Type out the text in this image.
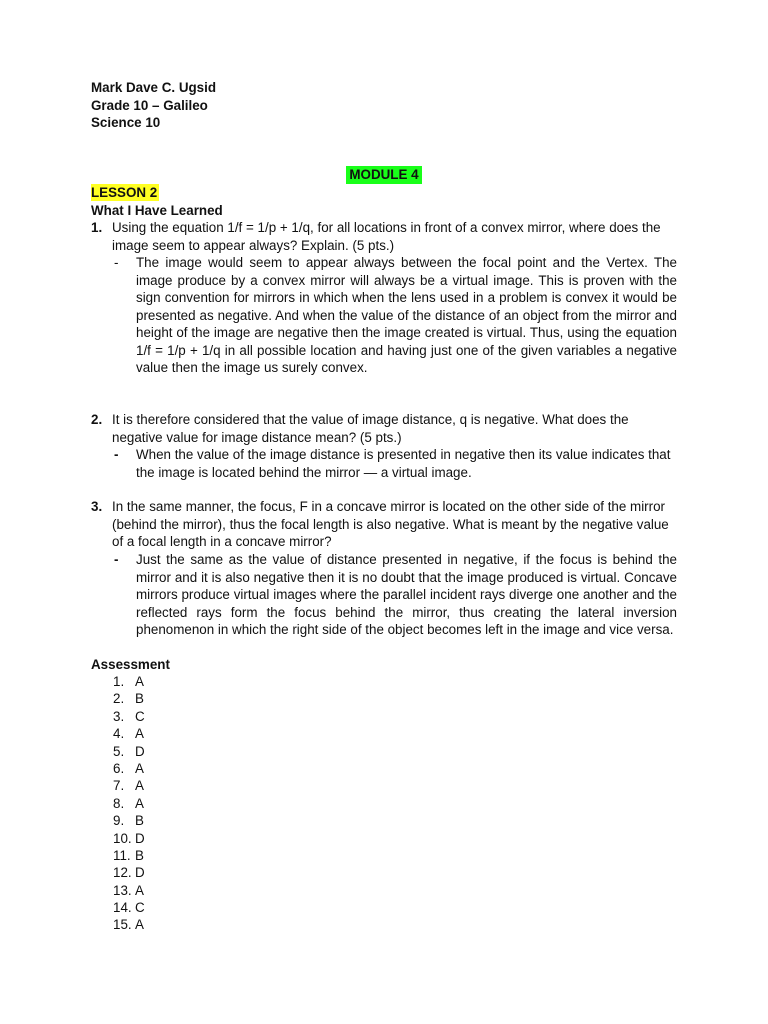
Mark Dave C. Ugsid
Grade 10 – Galileo
Science 10
MODULE 4
LESSON 2
What I Have Learned
1. Using the equation 1/f = 1/p + 1/q, for all locations in front of a convex mirror, where does the image seem to appear always? Explain. (5 pts.)
- The image would seem to appear always between the focal point and the Vertex. The image produce by a convex mirror will always be a virtual image. This is proven with the sign convention for mirrors in which when the lens used in a problem is convex it would be presented as negative. And when the value of the distance of an object from the mirror and height of the image are negative then the image created is virtual. Thus, using the equation 1/f = 1/p + 1/q in all possible location and having just one of the given variables a negative value then the image us surely convex.
2. It is therefore considered that the value of image distance, q is negative. What does the negative value for image distance mean? (5 pts.)
- When the value of the image distance is presented in negative then its value indicates that the image is located behind the mirror — a virtual image.
3. In the same manner, the focus, F in a concave mirror is located on the other side of the mirror (behind the mirror), thus the focal length is also negative. What is meant by the negative value of a focal length in a concave mirror?
- Just the same as the value of distance presented in negative, if the focus is behind the mirror and it is also negative then it is no doubt that the image produced is virtual. Concave mirrors produce virtual images where the parallel incident rays diverge one another and the reflected rays form the focus behind the mirror, thus creating the lateral inversion phenomenon in which the right side of the object becomes left in the image and vice versa.
Assessment
1. A
2. B
3. C
4. A
5. D
6. A
7. A
8. A
9. B
10. D
11. B
12. D
13. A
14. C
15. A
